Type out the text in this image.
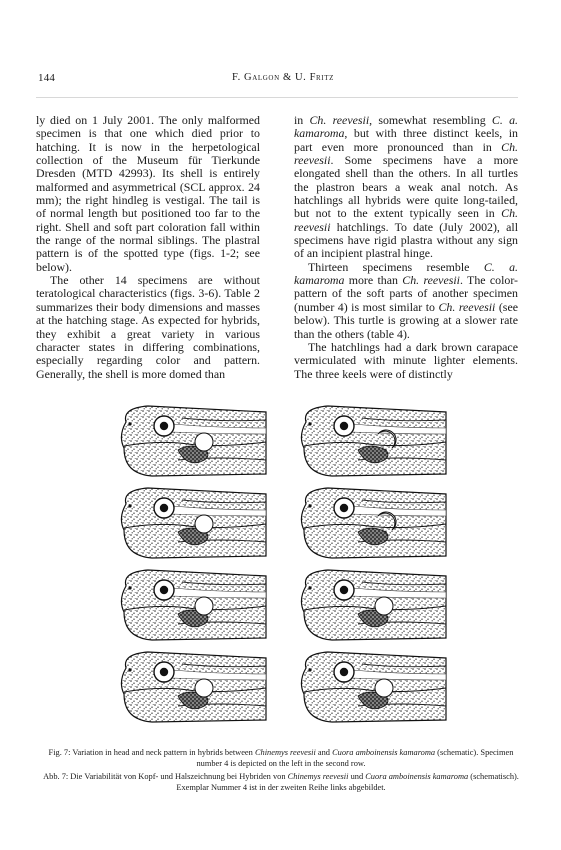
144	F. Galgon & U. Fritz

ly died on 1 July 2001. The only malformed specimen is that one which died prior to hatching. It is now in the herpetological collection of the Museum für Tierkunde Dresden (MTD 42993). Its shell is entirely malformed and asymmetrical (SCL approx. 24 mm); the right hindleg is vestigal. The tail is of normal length but positioned too far to the right. Shell and soft part coloration fall within the range of the normal siblings. The plastral pattern is of the spotted type (figs. 1-2; see below).

The other 14 specimens are without teratological characteristics (figs. 3-6). Table 2 summarizes their body dimensions and masses at the hatching stage. As expected for hybrids, they exhibit a great variety in various character states in differing combinations, especially regarding color and pattern. Generally, the shell is more domed than

in Ch. reevesii, somewhat resembling C. a. kamaroma, but with three distinct keels, in part even more pronounced than in Ch. reevesii. Some specimens have a more elongated shell than the others. In all turtles the plastron bears a weak anal notch. As hatchlings all hybrids were quite long-tailed, but not to the extent typically seen in Ch. reevesii hatchlings. To date (July 2002), all specimens have rigid plastra without any sign of an incipient plastral hinge.

Thirteen specimens resemble C. a. kamaroma more than Ch. reevesii. The color-pattern of the soft parts of another specimen (number 4) is most similar to Ch. reevesii (see below). This turtle is growing at a slower rate than the others (table 4).

The hatchlings had a dark brown carapace vermiculated with minute lighter elements. The three keels were of distinctly

Fig. 7: Variation in head and neck pattern in hybrids between Chinemys reevesii and Cuora amboinensis kamaroma (schematic). Specimen number 4 is depicted on the left in the second row.

Abb. 7: Die Variabilität von Kopf- und Halszeichnung bei Hybriden von Chinemys reevesii und Cuora amboinensis kamaroma (schematisch). Exemplar Nummer 4 ist in der zweiten Reihe links abgebildet.
